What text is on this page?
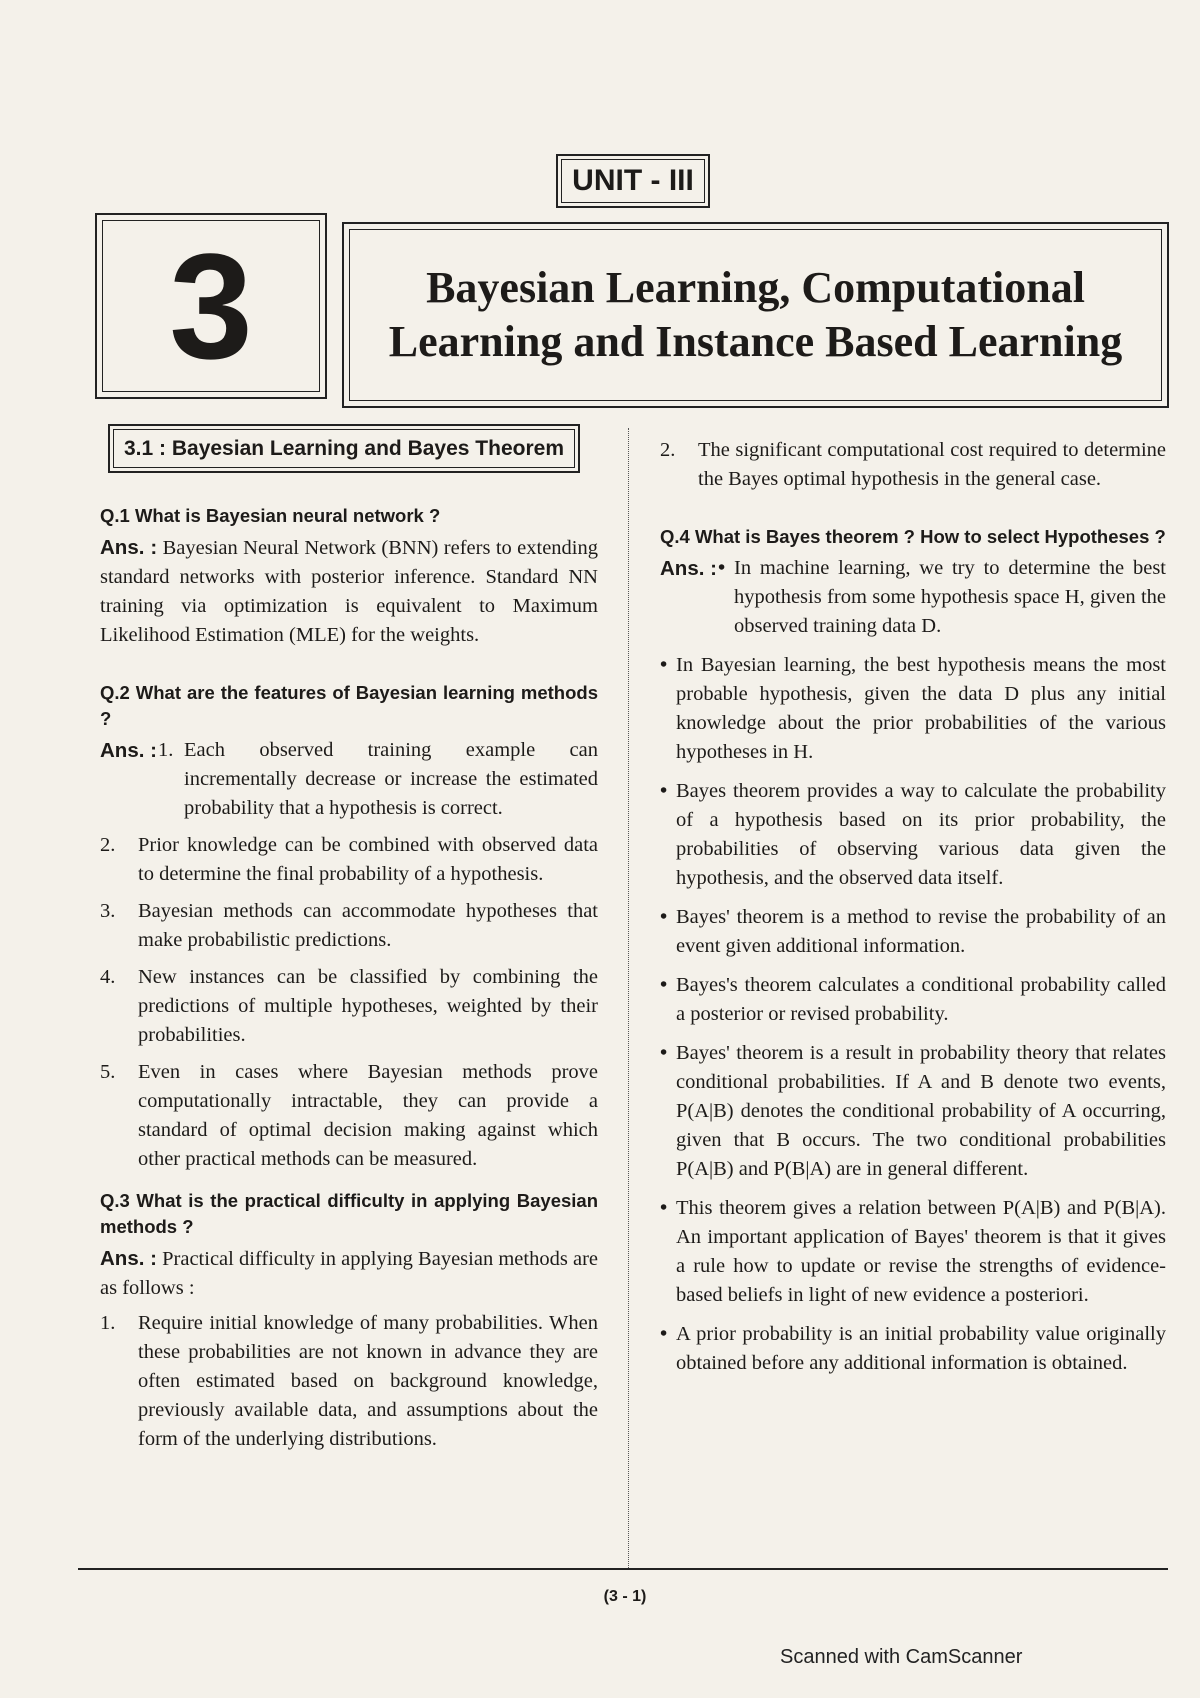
UNIT - III
3	Bayesian Learning, Computational
Learning and Instance Based Learning
3.1 : Bayesian Learning and Bayes Theorem
Q.1 What is Bayesian neural network ?
Ans. : Bayesian Neural Network (BNN) refers to extending standard networks with posterior inference. Standard NN training via optimization is equivalent to Maximum Likelihood Estimation (MLE) for the weights.
Q.2 What are the features of Bayesian learning methods ?
Ans. : 1. Each observed training example can incrementally decrease or increase the estimated probability that a hypothesis is correct.
2.	Prior knowledge can be combined with observed data to determine the final probability of a hypothesis.
3.	Bayesian methods can accommodate hypotheses that make probabilistic predictions.
4.	New instances can be classified by combining the predictions of multiple hypotheses, weighted by their probabilities.
5.	Even in cases where Bayesian methods prove computationally intractable, they can provide a standard of optimal decision making against which other practical methods can be measured.
Q.3 What is the practical difficulty in applying Bayesian methods ?
Ans. : Practical difficulty in applying Bayesian methods are as follows :
1.	Require initial knowledge of many probabilities. When these probabilities are not known in advance they are often estimated based on background knowledge, previously available data, and assumptions about the form of the underlying distributions.
2.	The significant computational cost required to determine the Bayes optimal hypothesis in the general case.
Q.4 What is Bayes theorem ? How to select Hypotheses ?
Ans. : • In machine learning, we try to determine the best hypothesis from some hypothesis space H, given the observed training data D.
• In Bayesian learning, the best hypothesis means the most probable hypothesis, given the data D plus any initial knowledge about the prior probabilities of the various hypotheses in H.
• Bayes theorem provides a way to calculate the probability of a hypothesis based on its prior probability, the probabilities of observing various data given the hypothesis, and the observed data itself.
• Bayes' theorem is a method to revise the probability of an event given additional information.
• Bayes's theorem calculates a conditional probability called a posterior or revised probability.
• Bayes' theorem is a result in probability theory that relates conditional probabilities. If A and B denote two events, P(A|B) denotes the conditional probability of A occurring, given that B occurs. The two conditional probabilities P(A|B) and P(B|A) are in general different.
• This theorem gives a relation between P(A|B) and P(B|A). An important application of Bayes' theorem is that it gives a rule how to update or revise the strengths of evidence-based beliefs in light of new evidence a posteriori.
• A prior probability is an initial probability value originally obtained before any additional information is obtained.
(3 - 1)
Scanned with CamScanner
